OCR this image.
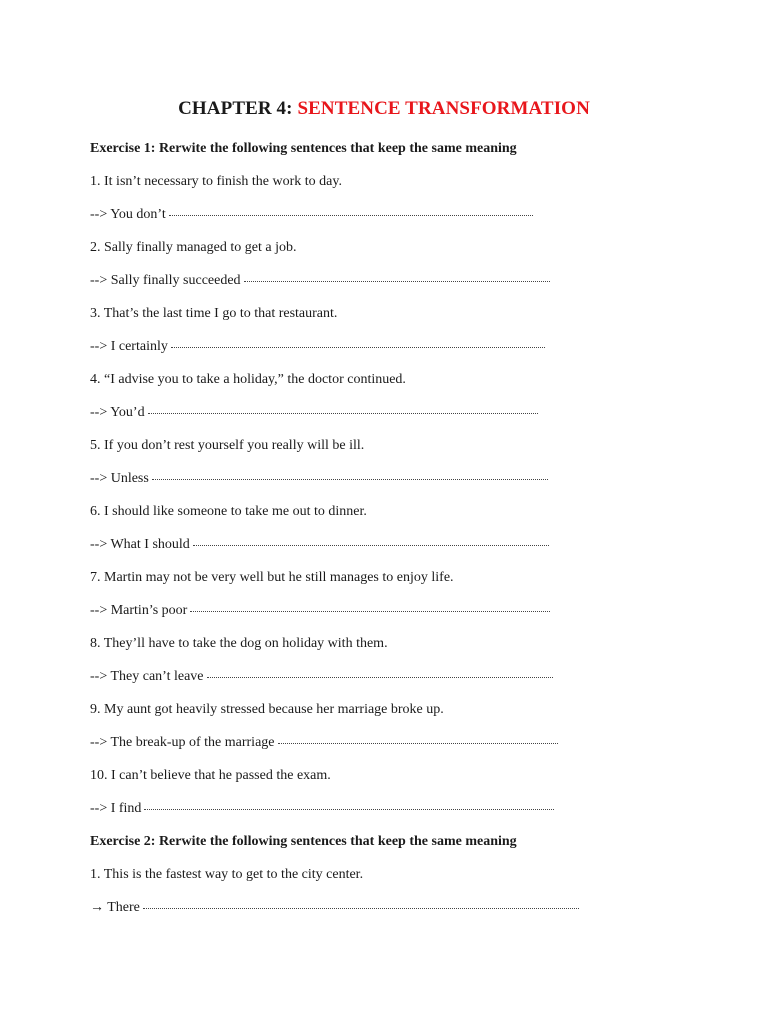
CHAPTER 4: SENTENCE TRANSFORMATION
Exercise 1: Rerwite the following sentences that keep the same meaning
1. It isn’t necessary to finish the work to day.
--> You don’t
2. Sally finally managed to get a job.
--> Sally finally succeeded
3. That’s the last time I go to that restaurant.
--> I certainly
4. “I advise you to take a holiday,” the doctor continued.
--> You’d
5. If you don’t rest yourself you really will be ill.
--> Unless
6. I should like someone to take me out to dinner.
--> What I should
7. Martin may not be very well but he still manages to enjoy life.
--> Martin’s poor
8. They’ll have to take the dog on holiday with them.
--> They can’t leave
9. My aunt got heavily stressed because her marriage broke up.
--> The break-up of the marriage
10. I can’t believe that he passed the exam.
--> I find
Exercise 2: Rerwite the following sentences that keep the same meaning
1. This is the fastest way to get to the city center.
→ There
